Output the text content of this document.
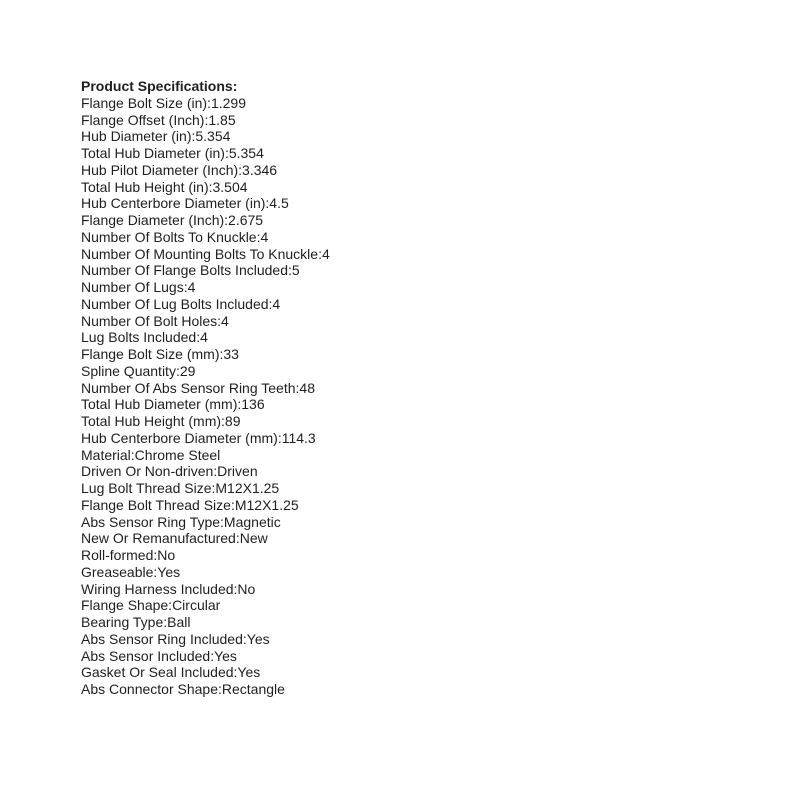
Product Specifications:
Flange Bolt Size (in):1.299
Flange Offset (Inch):1.85
Hub Diameter (in):5.354
Total Hub Diameter (in):5.354
Hub Pilot Diameter (Inch):3.346
Total Hub Height (in):3.504
Hub Centerbore Diameter (in):4.5
Flange Diameter (Inch):2.675
Number Of Bolts To Knuckle:4
Number Of Mounting Bolts To Knuckle:4
Number Of Flange Bolts Included:5
Number Of Lugs:4
Number Of Lug Bolts Included:4
Number Of Bolt Holes:4
Lug Bolts Included:4
Flange Bolt Size (mm):33
Spline Quantity:29
Number Of Abs Sensor Ring Teeth:48
Total Hub Diameter (mm):136
Total Hub Height (mm):89
Hub Centerbore Diameter (mm):114.3
Material:Chrome Steel
Driven Or Non-driven:Driven
Lug Bolt Thread Size:M12X1.25
Flange Bolt Thread Size:M12X1.25
Abs Sensor Ring Type:Magnetic
New Or Remanufactured:New
Roll-formed:No
Greaseable:Yes
Wiring Harness Included:No
Flange Shape:Circular
Bearing Type:Ball
Abs Sensor Ring Included:Yes
Abs Sensor Included:Yes
Gasket Or Seal Included:Yes
Abs Connector Shape:Rectangle
